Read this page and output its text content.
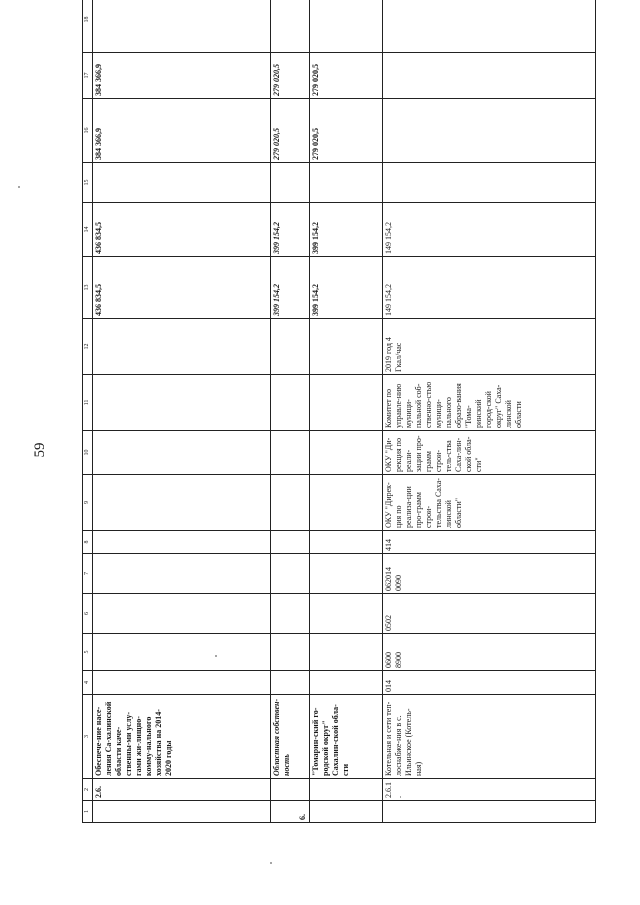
59
1	2	3	4	5	6	7	8	9	10	11	12	13	14	15	16	17	18
	2.6.	Обеспече-ние насе-ления Са-халинской области каче-ственны-ми услу-гами жи-лищно-комму-нального хозяйства на 2014-2020 годы										436 834,5	436 834,5		384 366,9	384 366,9	
6.		Областная собствен-ность										399 154,2	399 154,2		279 020,5	279 020,5	
		"Томарин-ский го-родской округ" Сахалин-ской обла-сти										399 154,2	399 154,2		279 020,5	279 020,5	
	2.6.1.	Котельная и сети теп-лоснабже-ния в с. Ильинское (Котель-ная)	014	0600 8900	0502	062014 0090	414	ОКУ "Дирек-ция по реализа-ции про-грамм строи-тельства Саха-линской области"	ОКУ "Ди-рекция по реали-зации про-грамм строи-тель-ства Саха-лин-ской обла-сти"	Комитет по управле-нию муници-пальной соб-ственно-стью муници-пального образо-вания "Тома-ринский город-ской округ" Саха-линской области	2019 год 4 Гкал/час	149 154,2	149 154,2				
